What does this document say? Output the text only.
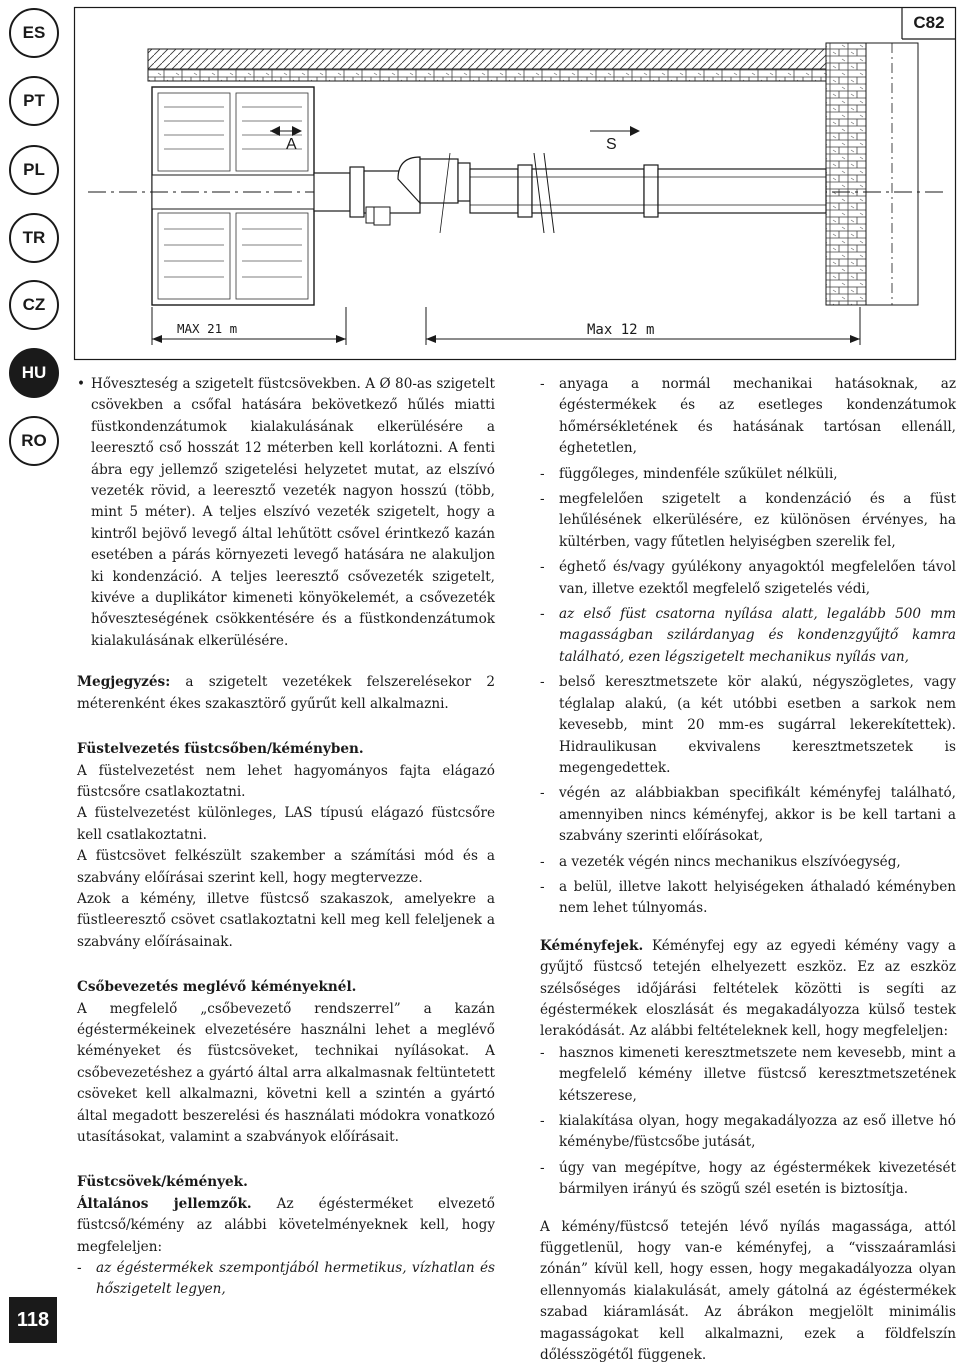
ES
PT
PL
TR
CZ
HU
RO
118
A	S
MAX 21 m	Max 12 m
C82

• Hőveszteség a szigetelt füstcsövekben. A Ø 80-as szigetelt csövekben a csőfal hatására bekövetkező hűlés miatti füstkondenzátumok kialakulásának elkerülésére a leeresztő cső hosszát 12 méterben kell korlátozni. A fenti ábra egy jellemző szigetelési helyzetet mutat, az elszívó vezeték rövid, a leeresztő vezeték nagyon hosszú (több, mint 5 méter). A teljes elszívó vezeték szigetelt, hogy a kintről bejövő levegő által lehűtött csővel érintkező kazán esetében a párás környezeti levegő hatására ne alakuljon ki kondenzáció. A teljes leeresztő csővezeték szigetelt, kivéve a duplikátor kimeneti könyökelemét, a csővezeték hőveszteségének csökkentésére és a füstkondenzátumok kialakulásának elkerülésére.

Megjegyzés: a szigetelt vezetékek felszerelésekor 2 méterenként ékes szakasztörő gyűrűt kell alkalmazni.

Füstelvezetés füstcsőben/kéményben.

A füstelvezetést nem lehet hagyományos fajta elágazó füstcsőre csatlakoztatni.

A füstelvezetést különleges, LAS típusú elágazó füstcsőre kell csatlakoztatni.

A füstcsövet felkészült szakember a számítási mód és a szabvány előírásai szerint kell, hogy megtervezze.

Azok a kémény, illetve füstcső szakaszok, amelyekre a füstleeresztő csövet csatlakoztatni kell meg kell feleljenek a szabvány előírásainak.

Csőbevezetés meglévő kéményeknél.

A megfelelő „csőbevezető rendszerrel” a kazán égéstermékeinek elvezetésére használni lehet a meglévő kéményeket és füstcsöveket, technikai nyílásokat. A csőbevezetéshez a gyártó által arra alkalmasnak feltüntetett csöveket kell alkalmazni, követni kell a szintén a gyártó által megadott beszerelési és használati módokra vonatkozó utasításokat, valamint a szabványok előírásait.

Füstcsövek/kémények.

Általános jellemzők. Az égésterméket elvezető füstcső/kémény az alábbi követelményeknek kell, hogy megfeleljen:

- az égéstermékek szempontjából hermetikus, vízhatlan és hőszigetelt legyen,

- anyaga a normál mechanikai hatásoknak, az égéstermékek és az esetleges kondenzátumok hőmérsékletének és hatásának tartósan ellenáll, éghetetlen,

- függőleges, mindenféle szűkület nélküli,

- megfelelően szigetelt a kondenzáció és a füst lehűlésének elkerülésére, ez különösen érvényes, ha kültérben, vagy fűtetlen helyiségben szerelik fel,

- éghető és/vagy gyúlékony anyagoktól megfelelően távol van, illetve ezektől megfelelő szigetelés védi,

- az első füst csatorna nyílása alatt, legalább 500 mm magasságban szilárdanyag és kondenzgyűjtő kamra található, ezen légszigetelt mechanikus nyílás van,

- belső keresztmetszete kör alakú, négyszögletes, vagy téglalap alakú, (a két utóbbi esetben a sarkok nem kevesebb, mint 20 mm-es sugárral lekerekítettek). Hidraulikusan ekvivalens keresztmetszetek is megengedettek.

- végén az alábbiakban specifikált kéményfej található, amennyiben nincs kéményfej, akkor is be kell tartani a szabvány szerinti előírásokat,

- a vezeték végén nincs mechanikus elszívóegység,

- a belül, illetve lakott helyiségeken áthaladó kéményben nem lehet túlnyomás.

Kéményfejek. Kéményfej egy az egyedi kémény vagy a gyűjtő füstcső tetején elhelyezett eszköz. Ez az eszköz szélsőséges időjárási feltételek közötti is segíti az égéstermékek eloszlását és megakadályozza külső testek lerakódását. Az alábbi feltételeknek kell, hogy megfeleljen:

- hasznos kimeneti keresztmetszete nem kevesebb, mint a megfelelő kémény illetve füstcső keresztmetszetének kétszerese,

- kialakítása olyan, hogy megakadályozza az eső illetve hó kéménybe/füstcsőbe jutását,

- úgy van megépítve, hogy az égéstermékek kivezetését bármilyen irányú és szögű szél esetén is biztosítja.

A kémény/füstcső tetején lévő nyílás magassága, attól függetlenül, hogy van-e kéményfej, a “visszaáramlási zónán” kívül kell, hogy essen, hogy megakadályozza olyan ellennyomás kialakulását, amely gátolná az égéstermékek szabad kiáramlását. Az ábrákon megjelölt minimális magasságokat kell alkalmazni, ezek a földfelszín dőlésszögétől függenek.
